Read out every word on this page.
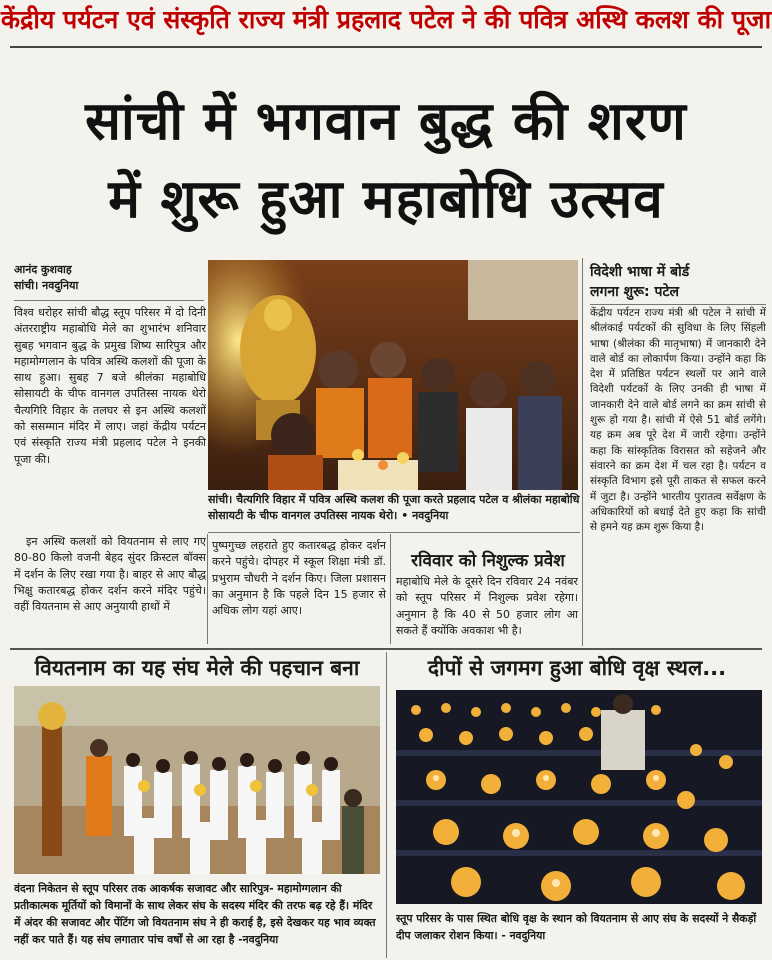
केंद्रीय पर्यटन एवं संस्कृति राज्य मंत्री प्रहलाद पटेल ने की पवित्र अस्थि कलश की पूजा
सांची में भगवान बुद्ध की शरण
में शुरू हुआ महाबोधि उत्सव
आनंद कुशवाह
सांची। नवदुनिया
विश्व धरोहर सांची बौद्ध स्तूप परिसर में दो दिनी अंतरराष्ट्रीय महाबोधि मेले का शुभारंभ शनिवार सुबह भगवान बुद्ध के प्रमुख शिष्य सारिपुत्र और महामोग्गलान के पवित्र अस्थि कलशों की पूजा के साथ हुआ। सुबह 7 बजे श्रीलंका महाबोधि सोसायटी के चीफ वानगल उपतिस्स नायक थेरो चैत्यगिरि विहार के तलघर से इन अस्थि कलशों को ससम्मान मंदिर में लाए। जहां केंद्रीय पर्यटन एवं संस्कृति राज्य मंत्री प्रहलाद पटेल ने इनकी पूजा की।
इन अस्थि कलशों को वियतनाम से लाए गए 80-80 किलो वजनी बेहद सुंदर क्रिस्टल बॉक्स में दर्शन के लिए रखा गया है। बाहर से आए बौद्ध भिक्षु कतारबद्ध होकर दर्शन करने मंदिर पहुंचे। वहीं वियतनाम से आए अनुयायी हाथों में
सांची। चैत्यगिरि विहार में पवित्र अस्थि कलश की पूजा करते प्रहलाद पटेल व श्रीलंका महाबोधि सोसायटी के चीफ वानगल उपतिस्स नायक थेरो। • नवदुनिया
पुष्पगुच्छ लहराते हुए कतारबद्ध होकर दर्शन करने पहुंचे। दोपहर में स्कूल शिक्षा मंत्री डॉ. प्रभुराम चौधरी ने दर्शन किए। जिला प्रशासन का अनुमान है कि पहले दिन 15 हजार से अधिक लोग यहां आए।
रविवार को निशुल्क प्रवेश
महाबोधि मेले के दूसरे दिन रविवार 24 नवंबर को स्तूप परिसर में निशुल्क प्रवेश रहेगा। अनुमान है कि 40 से 50 हजार लोग आ सकते हैं क्योंकि अवकाश भी है।
विदेशी भाषा में बोर्ड
लगना शुरू: पटेल
केंद्रीय पर्यटन राज्य मंत्री श्री पटेल ने सांची में श्रीलंकाई पर्यटकों की सुविधा के लिए सिंहली भाषा (श्रीलंका की मातृभाषा) में जानकारी देने वाले बोर्ड का लोकार्पण किया। उन्होंने कहा कि देश में प्रतिष्ठित पर्यटन स्थलों पर आने वाले विदेशी पर्यटकों के लिए उनकी ही भाषा में जानकारी देने वाले बोर्ड लगने का क्रम सांची से शुरू हो गया है। सांची में ऐसे 51 बोर्ड लगेंगे। यह क्रम अब पूरे देश में जारी रहेगा। उन्होंने कहा कि सांस्कृतिक विरासत को सहेजने और संवारने का क्रम देश में चल रहा है। पर्यटन व संस्कृति विभाग इसे पूरी ताकत से सफल करने में जुटा है। उन्होंने भारतीय पुरातत्व सर्वेक्षण के अधिकारियों को बधाई देते हुए कहा कि सांची से हमने यह क्रम शुरू किया है।
वियतनाम का यह संघ मेले की पहचान बना
वंदना निकेतन से स्तूप परिसर तक आकर्षक सजावट और सारिपुत्र- महामोग्गलान की प्रतीकात्मक मूर्तियों को विमानों के साथ लेकर संघ के सदस्य मंदिर की तरफ बढ़ रहे हैं। मंदिर में अंदर की सजावट और पेंटिंग जो वियतनाम संघ ने ही कराई है, इसे देखकर यह भाव व्यक्त नहीं कर पाते हैं। यह संघ लगातार पांच वर्षों से आ रहा है -नवदुनिया
दीपों से जगमग हुआ बोधि वृक्ष स्थल...
स्तूप परिसर के पास स्थित बोधि वृक्ष के स्थान को वियतनाम से आए संघ के सदस्यों ने सैकड़ों दीप जलाकर रोशन किया। - नवदुनिया
